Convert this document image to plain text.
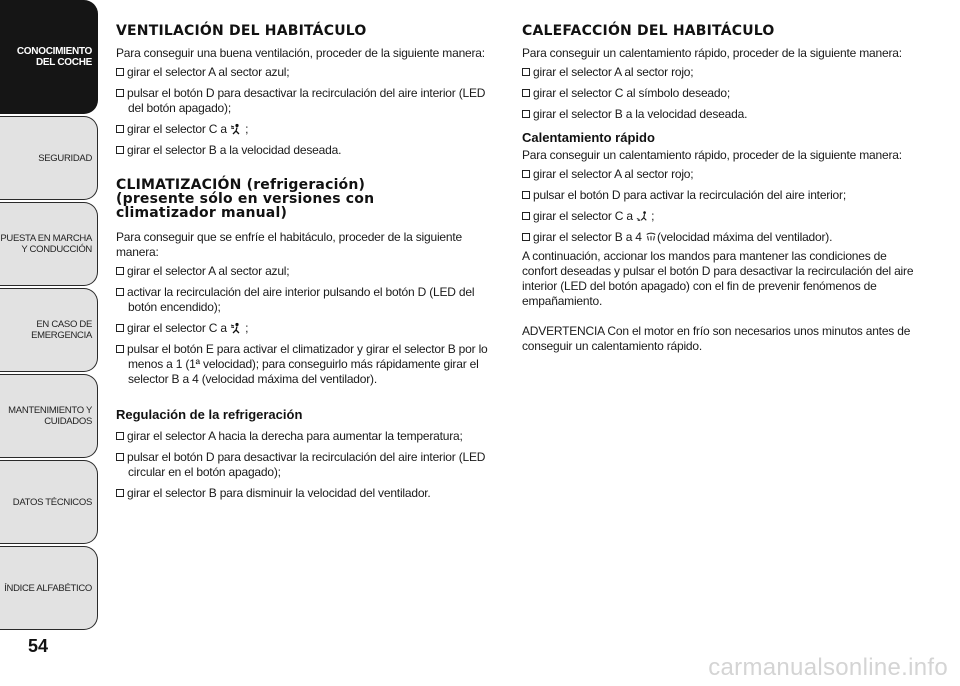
CONOCIMIENTO
DEL COCHE
SEGURIDAD
PUESTA EN MARCHA
Y CONDUCCIÓN
EN CASO DE
EMERGENCIA
MANTENIMIENTO Y
CUIDADOS
DATOS TÉCNICOS
ÍNDICE ALFABÉTICO
54
VENTILACIÓN DEL HABITÁCULO

Para conseguir una buena ventilación, proceder de la siguiente manera:

girar el selector A al sector azul;

pulsar el botón D para desactivar la recirculación del aire interior (LED del botón apagado);

girar el selector C a ;

girar el selector B a la velocidad deseada.

CLIMATIZACIÓN (refrigeración)
(presente sólo en versiones con
climatizador manual)

Para conseguir que se enfríe el habitáculo, proceder de la siguiente manera:

girar el selector A al sector azul;

activar la recirculación del aire interior pulsando el botón D (LED del botón encendido);

girar el selector C a ;

pulsar el botón E para activar el climatizador y girar el selector B por lo menos a 1 (1ª velocidad); para conseguirlo más rápidamente girar el selector B a 4 (velocidad máxima del ventilador).

Regulación de la refrigeración

girar el selector A hacia la derecha para aumentar la temperatura;

pulsar el botón D para desactivar la recirculación del aire interior (LED circular en el botón apagado);

girar el selector B para disminuir la velocidad del ventilador.

CALEFACCIÓN DEL HABITÁCULO

Para conseguir un calentamiento rápido, proceder de la siguiente manera:

girar el selector A al sector rojo;

girar el selector C al símbolo deseado;

girar el selector B a la velocidad deseada.

Calentamiento rápido

Para conseguir un calentamiento rápido, proceder de la siguiente manera:

girar el selector A al sector rojo;

pulsar el botón D para activar la recirculación del aire interior;

girar el selector C a ;

girar el selector B a 4 (velocidad máxima del ventilador).

A continuación, accionar los mandos para mantener las condiciones de confort deseadas y pulsar el botón D para desactivar la recirculación del aire interior (LED del botón apagado) con el fin de prevenir fenómenos de empañamiento.

ADVERTENCIA Con el motor en frío son necesarios unos minutos antes de conseguir un calentamiento rápido.

carmanualsonline.info
